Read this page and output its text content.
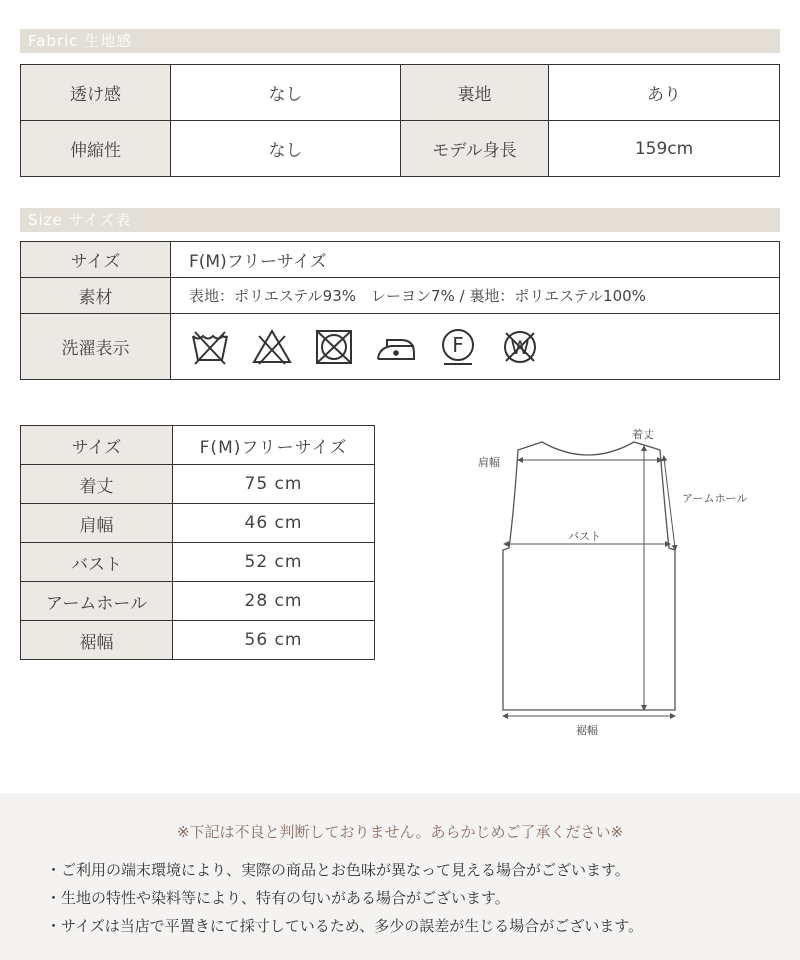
Fabric 生地感
透け感	なし	裏地	あり
伸縮性	なし	モデル身長	159cm
Size サイズ表
サイズ	F(M)フリーサイズ
素材	表地：ポリエステル93%　レーヨン7% / 裏地：ポリエステル100%
洗濯表示	F W
サイズ	F(M)フリーサイズ
着丈	75 cm
肩幅	46 cm
バスト	52 cm
アームホール	28 cm
裾幅	56 cm
着丈
肩幅
アームホール
バスト
裾幅
※下記は不良と判断しておりません。あらかじめご了承ください※
・ご利用の端末環境により、実際の商品とお色味が異なって見える場合がございます。
・生地の特性や染料等により、特有の匂いがある場合がございます。
・サイズは当店で平置きにて採寸しているため、多少の誤差が生じる場合がございます。
